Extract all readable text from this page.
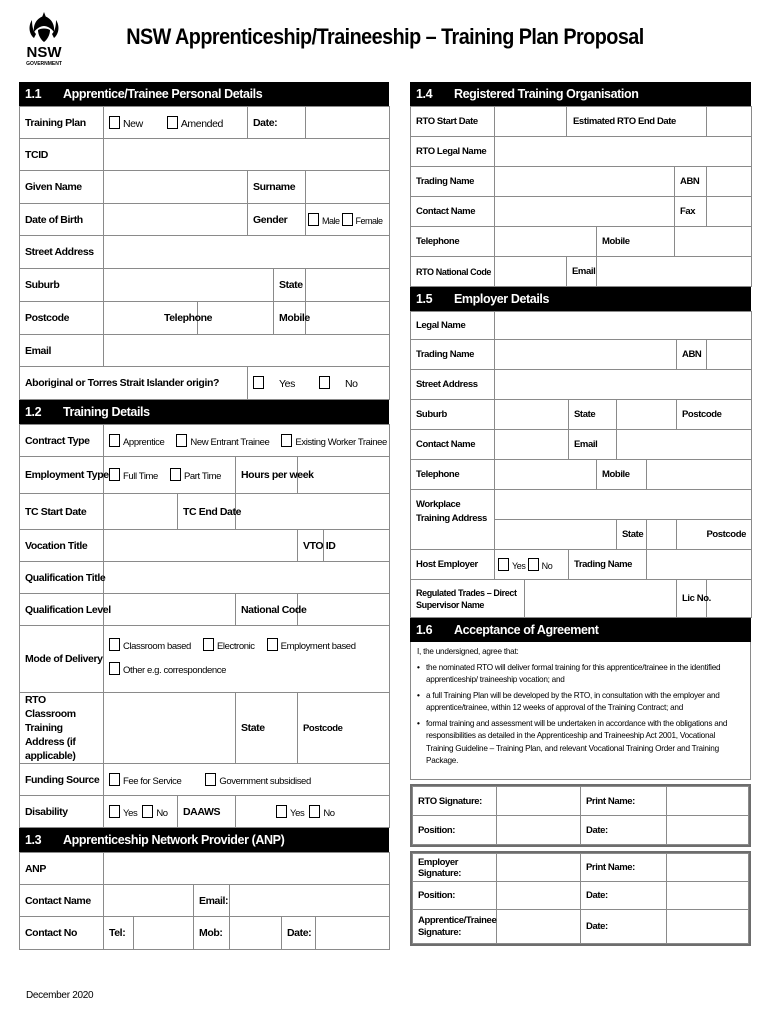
NSW
GOVERNMENT
NSW Apprenticeship/Traineeship – Training Plan Proposal
1.1	Apprentice/Trainee Personal Details
Training Plan	New Amended		Date:		
TCID					
Given Name			Surname		
Date of Birth			Gender		Male Female
Street Address					
Suburb				State	
Postcode	Telephone			Mobile	
Email					
Aboriginal or Torres Strait Islander origin?			Yes No		
1.2	Training Details
Contract Type	Apprentice New Entrant Trainee Existing Worker Trainee				
Employment Type	Full Time Part Time		Hours per week		
TC Start Date		TC End Date			
Vocation Title				VTO ID	
Qualification Title					
Qualification Level			National Code		
Mode of Delivery	Classroom based Electronic Employment based
Other e.g. correspondence				
RTO Classroom Training Address (if applicable)			State	Postcode	
Funding Source	Fee for Service Government subsidised				
Disability	Yes No	DAAWS	Yes No		
1.3	Apprenticeship Network Provider (ANP)
ANP						
Contact Name			Email:			
Contact No	Tel:		Mob:		Date:	
1.4	Registered Training Organisation
RTO Start Date		Estimated RTO End Date			
RTO Legal Name					
Trading Name				ABN	
Contact Name				Fax	
Telephone			Mobile		
RTO National Code		Email			
1.5	Employer Details
Legal Name								
Trading Name							ABN	
Street Address								
Suburb			State				Postcode	
Contact Name			Email					
Telephone				Mobile				
Workplace Training Address								
					State		Postcode	
Host Employer	Yes No		Trading Name					
Regulated Trades – Direct Supervisor Name							Lic No.	
1.6	Acceptance of Agreement
I, the undersigned, agree that:
• the nominated RTO will deliver formal training for this apprentice/trainee in the identified apprenticeship/ traineeship vocation; and
• a full Training Plan will be developed by the RTO, in consultation with the employer and apprentice/trainee, within 12 weeks of approval of the Training Contract; and
• formal training and assessment will be undertaken in accordance with the obligations and responsibilities as detailed in the Apprenticeship and Traineeship Act 2001, Vocational Training Guideline – Training Plan, and relevant Vocational Training Order and Training Package.
RTO Signature:		Print Name:	
Position:		Date:	
Employer Signature:		Print Name:	
Position:		Date:	
Apprentice/Trainee Signature:		Date:	
December 2020
